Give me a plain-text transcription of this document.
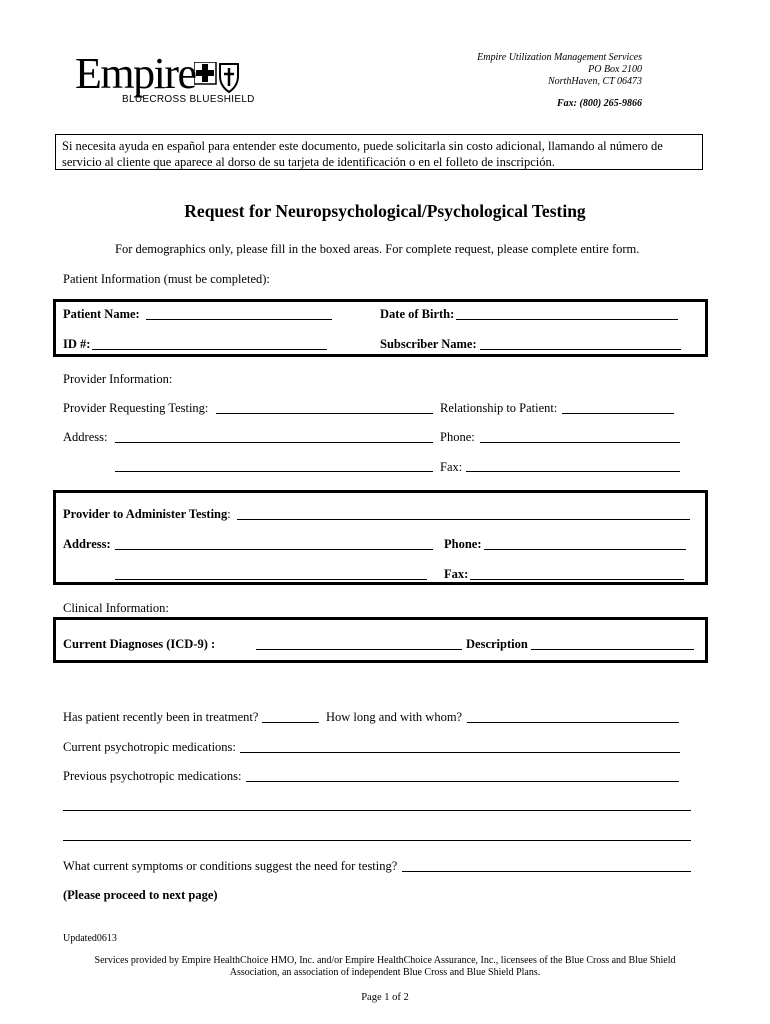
Empire
BLUECROSS BLUESHIELD
Empire Utilization Management Services
PO Box 2100
NorthHaven, CT 06473
Fax: (800) 265-9866
Si necesita ayuda en español para entender este documento, puede solicitarla sin costo adicional, llamando al número de
servicio al cliente que aparece al dorso de su tarjeta de identificación o en el folleto de inscripción.
Request for Neuropsychological/Psychological Testing
For demographics only, please fill in the boxed areas. For complete request, please complete entire form.
Patient Information (must be completed):
Patient Name:	Date of Birth:
ID #:	Subscriber Name:
Provider Information:
Provider Requesting Testing:	Relationship to Patient:
Address:	Phone:
Fax:
Provider to Administer Testing:
Address:	Phone:
Fax:
Clinical Information:
Current Diagnoses (ICD-9) :	Description
Has patient recently been in treatment?	How long and with whom?
Current psychotropic medications:
Previous psychotropic medications:
What current symptoms or conditions suggest the need for testing?
(Please proceed to next page)
Updated0613
Services provided by Empire HealthChoice HMO, Inc. and/or Empire HealthChoice Assurance, Inc., licensees of the Blue Cross and Blue Shield
Association, an association of independent Blue Cross and Blue Shield Plans.
Page 1 of 2
